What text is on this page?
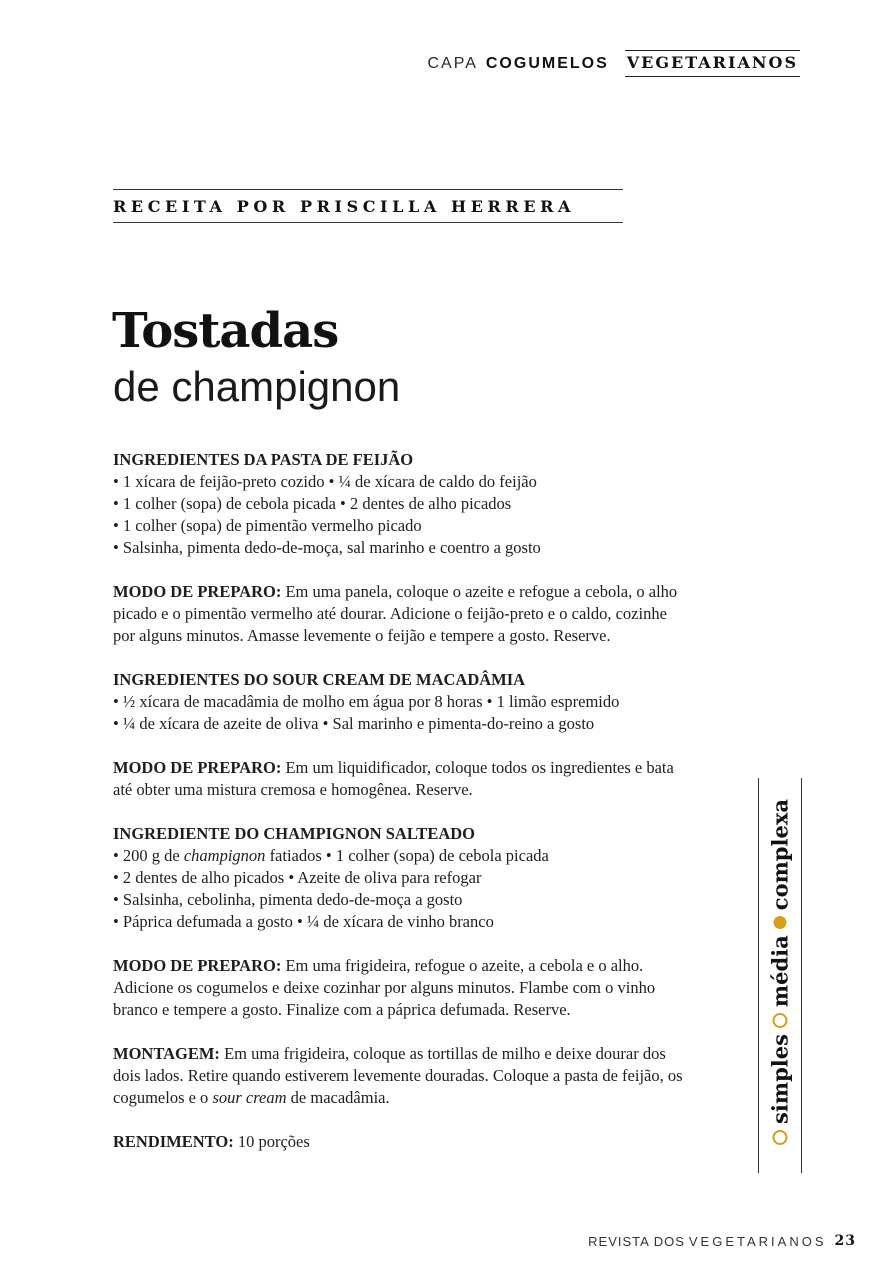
CAPA COGUMELOS VEGETARIANOS
RECEITA POR PRISCILLA HERRERA
Tostadas
de champignon
INGREDIENTES DA PASTA DE FEIJÃO
• 1 xícara de feijão-preto cozido • ¼ de xícara de caldo do feijão
• 1 colher (sopa) de cebola picada • 2 dentes de alho picados
• 1 colher (sopa) de pimentão vermelho picado
• Salsinha, pimenta dedo-de-moça, sal marinho e coentro a gosto
MODO DE PREPARO: Em uma panela, coloque o azeite e refogue a cebola, o alho picado e o pimentão vermelho até dourar. Adicione o feijão-preto e o caldo, cozinhe por alguns minutos. Amasse levemente o feijão e tempere a gosto. Reserve.
INGREDIENTES DO SOUR CREAM DE MACADÂMIA
• ½ xícara de macadâmia de molho em água por 8 horas • 1 limão espremido
• ¼ de xícara de azeite de oliva • Sal marinho e pimenta-do-reino a gosto
MODO DE PREPARO: Em um liquidificador, coloque todos os ingredientes e bata até obter uma mistura cremosa e homogênea. Reserve.
INGREDIENTE DO CHAMPIGNON SALTEADO
• 200 g de champignon fatiados • 1 colher (sopa) de cebola picada
• 2 dentes de alho picados • Azeite de oliva para refogar
• Salsinha, cebolinha, pimenta dedo-de-moça a gosto
• Páprica defumada a gosto • ¼ de xícara de vinho branco
MODO DE PREPARO: Em uma frigideira, refogue o azeite, a cebola e o alho. Adicione os cogumelos e deixe cozinhar por alguns minutos. Flambe com o vinho branco e tempere a gosto. Finalize com a páprica defumada. Reserve.
MONTAGEM: Em uma frigideira, coloque as tortillas de milho e deixe dourar dos dois lados. Retire quando estiverem levemente douradas. Coloque a pasta de feijão, os cogumelos e o sour cream de macadâmia.
RENDIMENTO: 10 porções
simples
média
complexa
REVISTA DOS VEGETARIANOS 23
